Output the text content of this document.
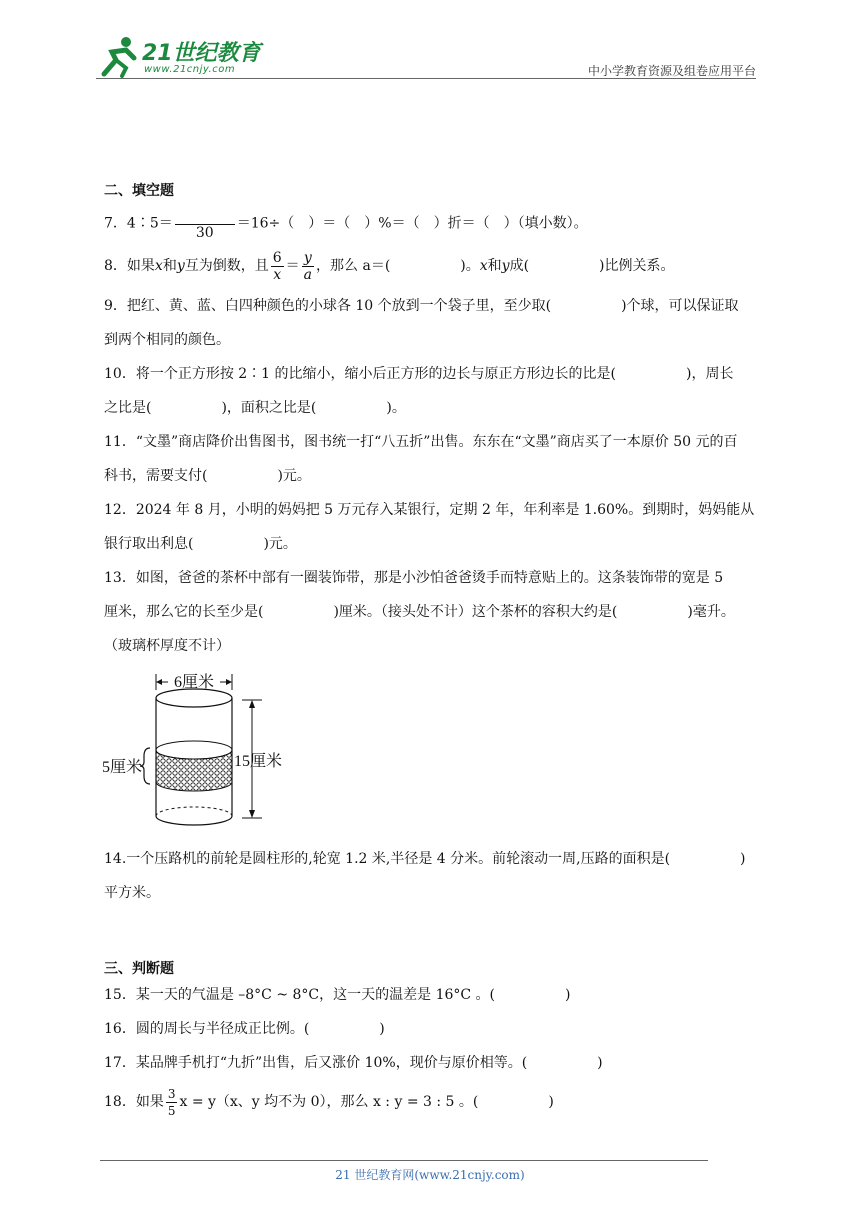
21世纪教育
www.21cnjy.com	中小学教育资源及组卷应用平台
二、填空题
7．4∶5＝
30
＝16÷（　）＝（　）%＝（　）折＝（　）（填小数）。
8．如果x和y互为倒数，且 $\frac{6}{x} = \frac{y}{a}$ ，那么 a＝(　　　　　)。x和y成(　　　　　)比例关系。
9．把红、黄、蓝、白四种颜色的小球各 10 个放到一个袋子里，至少取(　　　　　)个球，可以保证取
到两个相同的颜色。
10．将一个正方形按 2∶1 的比缩小，缩小后正方形的边长与原正方形边长的比是(　　　　　)，周长
之比是(　　　　　)，面积之比是(　　　　　)。
11．“文墨”商店降价出售图书，图书统一打“八五折”出售。东东在“文墨”商店买了一本原价 50 元的百
科书，需要支付(　　　　　)元。
12．2024 年 8 月，小明的妈妈把 5 万元存入某银行，定期 2 年，年利率是 1.60%。到期时，妈妈能从
银行取出利息(　　　　　)元。
13．如图，爸爸的茶杯中部有一圈装饰带，那是小沙怕爸爸烫手而特意贴上的。这条装饰带的宽是 5
厘米，那么它的长至少是(　　　　　)厘米。（接头处不计）这个茶杯的容积大约是(　　　　　)毫升。
（玻璃杯厚度不计）
6厘米
5厘米	15厘米
14.一个压路机的前轮是圆柱形的,轮宽 1.2 米,半径是 4 分米。前轮滚动一周,压路的面积是(　　　　　)
平方米。
三、判断题
15．某一天的气温是 –8°C ~ 8°C，这一天的温差是 16°C 。(　　　　　)
16．圆的周长与半径成正比例。(　　　　　)
17．某品牌手机打“九折”出售，后又涨价 10%，现价与原价相等。(　　　　　)
18．如果 $\frac{3}{5}$ x = y（x、y 均不为 0），那么 x : y = 3 : 5 。(　　　　　)
21 世纪教育网(www.21cnjy.com)
